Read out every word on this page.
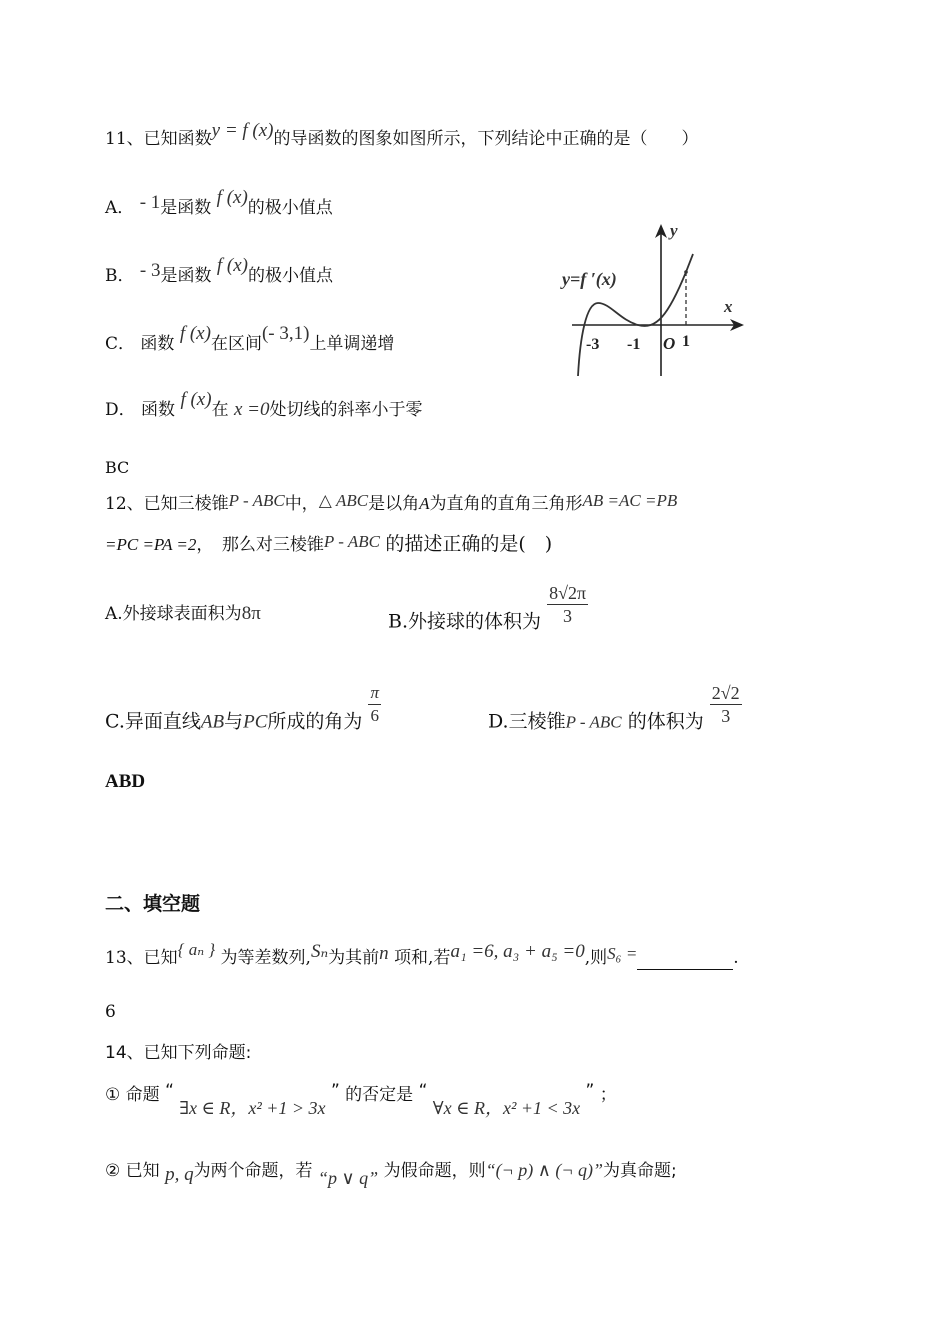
11、已知函数y = f (x)的导函数的图象如图所示，下列结论中正确的是（　　）
A． - 1是函数 f (x)的极小值点
B． - 3是函数 f (x)的极小值点
C． 函数 f (x)在区间(- 3,1)上单调递增
D． 函数 f (x)在 x =0处切线的斜率小于零
y=f ′(x)
x
y
-3 -1 O 1
BC
12、已知三棱锥P - ABC中，△ ABC是以角A为直角的直角三角形AB =AC =PB
=PC =PA =2，　那么对三棱锥P - ABC 的描述正确的是(　)
A.外接球表面积为8π	B.外接球的体积为 $\frac{8√2\pi}{3}$
C.异面直线AB与PC所成的角为 $\frac{\pi}{6}$	D.三棱锥P - ABC 的体积为 $\frac{2√2}{3}$
ABD
二、填空题
13、已知{ aₙ } 为等差数列,Sₙ为其前n 项和,若a₁ =6, a₃ + a₅ =0,则S₆ =	.
6
14、已知下列命题:
① 命题 “ ∃x ∈ R，x² +1 > 3x ” 的否定是 “ ∀x ∈ R，x² +1 < 3x ” ；
② 已知 p, q为两个命题，若 “p ∨ q” 为假命题，则“(¬ p) ∧ (¬ q)”为真命题;
